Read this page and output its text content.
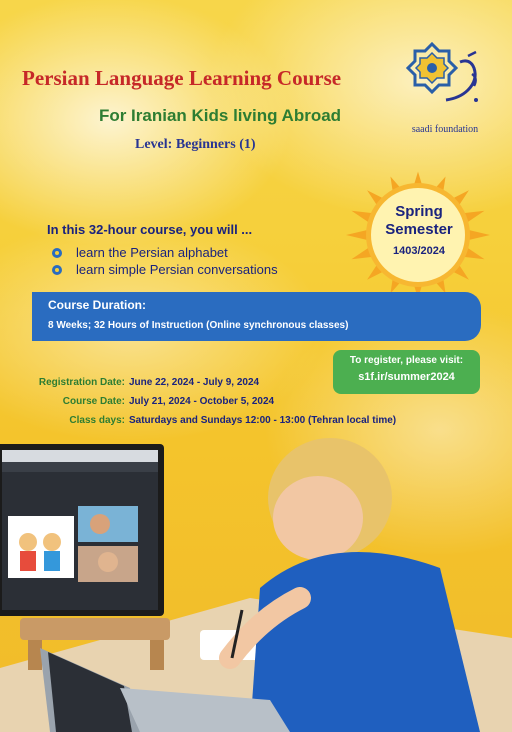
Persian Language Learning Course
For Iranian Kids living Abroad
Level: Beginners (1)
saadi foundation
Spring
Semester
1403/2024
In this 32-hour course, you will ...
learn the Persian alphabet
learn simple Persian conversations
Course Duration:
8 Weeks; 32 Hours of Instruction (Online synchronous classes)
To register, please visit:
s1f.ir/summer2024
Registration Date: June 22, 2024 - July 9, 2024
Course Date: July 21, 2024 - October 5, 2024
Class days: Saturdays and Sundays 12:00 - 13:00 (Tehran local time)
